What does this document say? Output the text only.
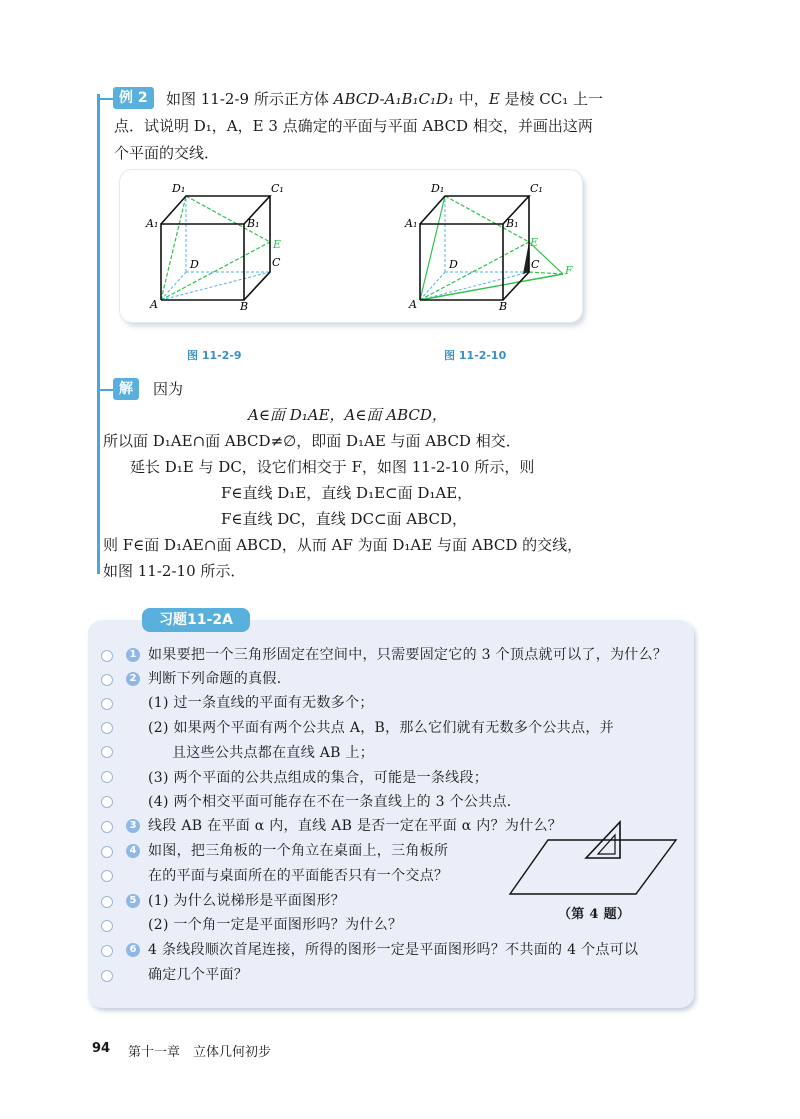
例 2	如图 11-2-9 所示正方体 ABCD-A₁B₁C₁D₁ 中，E 是棱 CC₁ 上一
点．试说明 D₁，A，E 3 点确定的平面与平面 ABCD 相交，并画出这两
个平面的交线．
A	B
C
D
A₁	B₁
C₁
D₁
E
A	B
C
D
A₁	B₁
C₁
D₁
E
F
图 11-2-9	图 11-2-10
解	因为
A∈面 D₁AE，A∈面 ABCD，
所以面 D₁AE∩面 ABCD≠∅，即面 D₁AE 与面 ABCD 相交．
延长 D₁E 与 DC，设它们相交于 F，如图 11-2-10 所示，则
F∈直线 D₁E，直线 D₁E⊂面 D₁AE，
F∈直线 DC，直线 DC⊂面 ABCD，
则 F∈面 D₁AE∩面 ABCD，从而 AF 为面 D₁AE 与面 ABCD 的交线，
如图 11-2-10 所示．
习题11-2A
1
2
3
4
5
6
如果要把一个三角形固定在空间中，只需要固定它的 3 个顶点就可以了，为什么？
判断下列命题的真假．
(1) 过一条直线的平面有无数多个；
(2) 如果两个平面有两个公共点 A，B，那么它们就有无数多个公共点，并
且这些公共点都在直线 AB 上；
(3) 两个平面的公共点组成的集合，可能是一条线段；
(4) 两个相交平面可能存在不在一条直线上的 3 个公共点．
线段 AB 在平面 α 内，直线 AB 是否一定在平面 α 内？为什么？
如图，把三角板的一个角立在桌面上，三角板所
在的平面与桌面所在的平面能否只有一个交点？
(1) 为什么说梯形是平面图形？
(2) 一个角一定是平面图形吗？为什么？
4 条线段顺次首尾连接，所得的图形一定是平面图形吗？不共面的 4 个点可以
确定几个平面？
（第 4 题）
94 第十一章　立体几何初步
